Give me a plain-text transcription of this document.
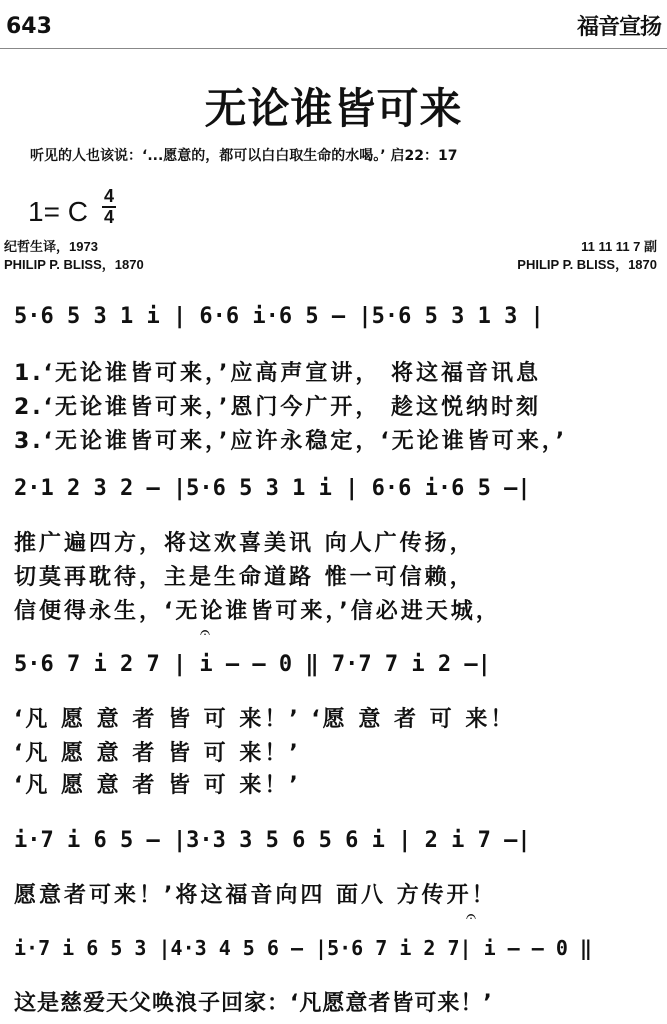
643	福音宣扬
无论谁皆可来
听见的人也该说：‘...愿意的，都可以白白取生命的水喝。’ 启22：17
1= C 4
4
纪哲生译，1973
PHILIP P. BLISS，1870
11 11 11 7 副
PHILIP P. BLISS，1870
5·6 5 3 1 i | 6·6 i·6 5 – |5·6 5 3 1 3 |
1.‘无论谁皆可来，’应高声宣讲， 将这福音讯息
2.‘无论谁皆可来，’恩门今广开， 趁这悦纳时刻
3.‘无论谁皆可来，’应许永稳定，‘无论谁皆可来，’
2·1 2 3 2 – |5·6 5 3 1 i | 6·6 i·6 5 –|
推广遍四方，将这欢喜美讯 向人广传扬，
切莫再耽待，主是生命道路 惟一可信赖，
信便得永生，‘无论谁皆可来，’信必进天城，
𝄐
5·6 7 i 2 7 | i – – 0 ‖ 7·7 7 i 2 –|
‘凡 愿 意 者 皆 可 来！’ ‘愿 意 者 可 来！
‘凡 愿 意 者 皆 可 来！’
‘凡 愿 意 者 皆 可 来！’
i·7 i 6 5 – |3·3 3 5 6 5 6 i | 2 i 7 –|
愿意者可来！’将这福音向四 面八 方传开！
𝄐
i·7 i 6 5 3 |4·3 4 5 6 – |5·6 7 i 2 7| i – – 0 ‖
这是慈爱天父唤浪子回家：‘凡愿意者皆可来！’
